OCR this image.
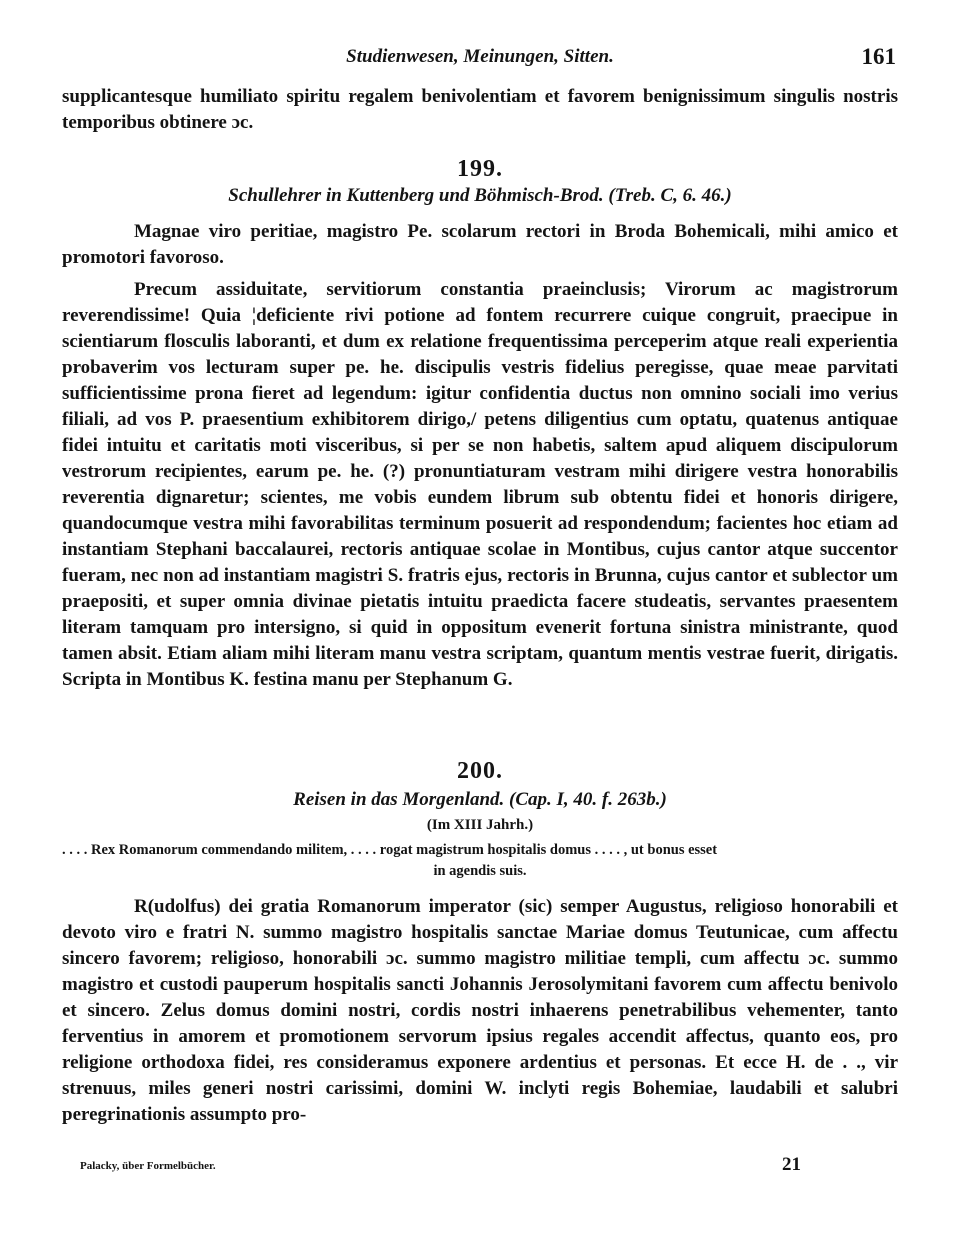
Studienwesen, Meinungen, Sitten.	161

supplicantesque humiliato spiritu regalem benivolentiam et favorem benignissimum singulis nostris temporibus obtinere ɔc.

199.
Schullehrer in Kuttenberg und Böhmisch-Brod. (Treb. C, 6. 46.)

Magnae viro peritiae, magistro Pe. scolarum rectori in Broda Bohemicali, mihi amico et promotori favoroso.

Precum assiduitate, servitiorum constantia praeinclusis; Virorum ac magistrorum reverendissime! Quia ¦deficiente rivi potione ad fontem recurrere cuique congruit, praecipue in scientiarum flosculis laboranti, et dum ex relatione frequentissima perceperim atque reali experientia probaverim vos lecturam super pe. he. discipulis vestris fidelius peregisse, quae meae parvitati sufficientissime prona fieret ad legendum: igitur confidentia ductus non omnino sociali imo verius filiali, ad vos P. praesentium exhibitorem dirigo,/ petens diligentius cum optatu, quatenus antiquae fidei intuitu et caritatis moti visceribus, si per se non habetis, saltem apud aliquem discipulorum vestrorum recipientes, earum pe. he. (?) pronuntiaturam vestram mihi dirigere vestra honorabilis reverentia dignaretur; scientes, me vobis eundem librum sub obtentu fidei et honoris dirigere, quandocumque vestra mihi favorabilitas terminum posuerit ad respondendum; facientes hoc etiam ad instantiam Stephani baccalaurei, rectoris antiquae scolae in Montibus, cujus cantor atque succentor fueram, nec non ad instantiam magistri S. fratris ejus, rectoris in Brunna, cujus cantor et sublector um praepositi, et super omnia divinae pietatis intuitu praedicta facere studeatis, servantes praesentem literam tamquam pro intersigno, si quid in oppositum evenerit fortuna sinistra ministrante, quod tamen absit. Etiam aliam mihi literam manu vestra scriptam, quantum mentis vestrae fuerit, dirigatis. Scripta in Montibus K. festina manu per Stephanum G.

200.
Reisen in das Morgenland. (Cap. I, 40. f. 263b.)
(Im XIII Jahrh.)

. . . . Rex Romanorum commendando militem, . . . . rogat magistrum hospitalis domus . . . . , ut bonus esset
in agendis suis.

R(udolfus) dei gratia Romanorum imperator (sic) semper Augustus, religioso honorabili et devoto viro e fratri N. summo magistro hospitalis sanctae Mariae domus Teutunicae, cum affectu sincero favorem; religioso, honorabili ɔc. summo magistro militiae templi, cum affectu ɔc. summo magistro et custodi pauperum hospitalis sancti Johannis Jerosolymitani favorem cum affectu benivolo et sincero. Zelus domus domini nostri, cordis nostri inhaerens penetrabilibus vehementer, tanto ferventius in amorem et promotionem servorum ipsius regales accendit affectus, quanto eos, pro religione orthodoxa fidei, res consideramus exponere ardentius et personas. Et ecce H. de . ., vir strenuus, miles generi nostri carissimi, domini W. inclyti regis Bohemiae, laudabili et salubri peregrinationis assumpto pro-

Palacky, über Formelbücher.	21
